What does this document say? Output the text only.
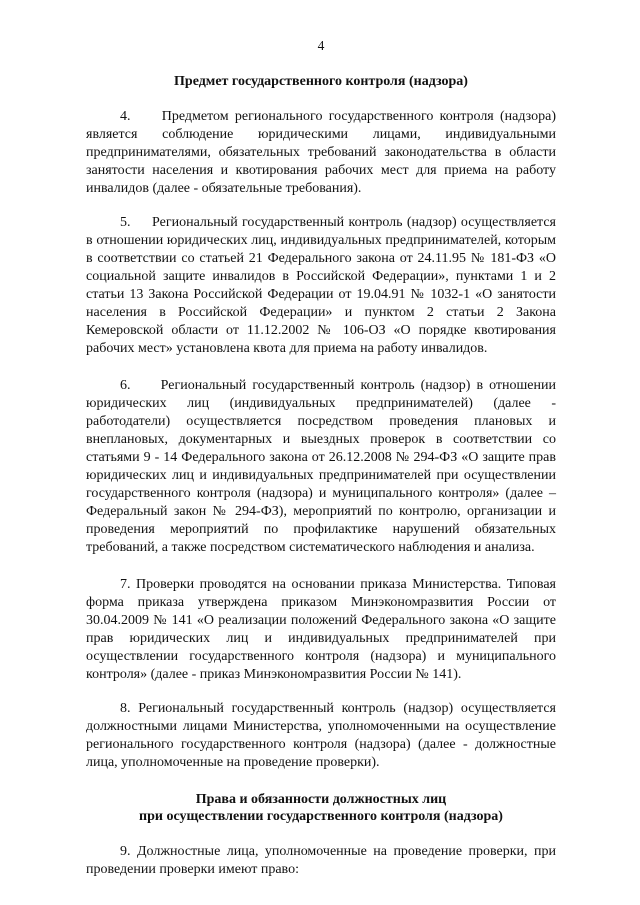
4
Предмет государственного контроля (надзора)

4.     Предметом регионального государственного контроля (надзора) является соблюдение юридическими лицами, индивидуальными предпринимателями, обязательных требований законодательства в области занятости населения и квотирования рабочих мест для приема на работу инвалидов (далее - обязательные требования).

5.     Региональный государственный контроль (надзор) осуществляется в отношении юридических лиц, индивидуальных предпринимателей, которым в соответствии со статьей 21 Федерального закона от 24.11.95 № 181-ФЗ «О социальной защите инвалидов в Российской Федерации», пунктами 1 и 2 статьи 13 Закона Российской Федерации от 19.04.91 № 1032-1 «О занятости населения в Российской Федерации» и пунктом 2 статьи 2 Закона Кемеровской области от 11.12.2002 № 106-ОЗ «О порядке квотирования рабочих мест» установлена квота для приема на работу инвалидов.

6.     Региональный государственный контроль (надзор) в отношении юридических лиц (индивидуальных предпринимателей) (далее - работодатели) осуществляется посредством проведения плановых и внеплановых, документарных и выездных проверок в соответствии со статьями 9 - 14 Федерального закона от 26.12.2008 № 294-ФЗ «О защите прав юридических лиц и индивидуальных предпринимателей при осуществлении государственного контроля (надзора) и муниципального контроля» (далее – Федеральный закон № 294-ФЗ), мероприятий по контролю, организации и проведения мероприятий по профилактике нарушений обязательных требований, а также посредством систематического наблюдения и анализа.

7. Проверки проводятся на основании приказа Министерства. Типовая форма приказа утверждена приказом Минэкономразвития России от 30.04.2009 № 141 «О реализации положений Федерального закона «О защите прав юридических лиц и индивидуальных предпринимателей при осуществлении государственного контроля (надзора) и муниципального контроля» (далее - приказ Минэкономразвития России № 141).

8. Региональный государственный контроль (надзор) осуществляется должностными лицами Министерства, уполномоченными на осуществление регионального государственного контроля (надзора) (далее - должностные лица, уполномоченные на проведение проверки).

Права и обязанности должностных лиц
при осуществлении государственного контроля (надзора)

9. Должностные лица, уполномоченные на проведение проверки, при проведении проверки имеют право:
